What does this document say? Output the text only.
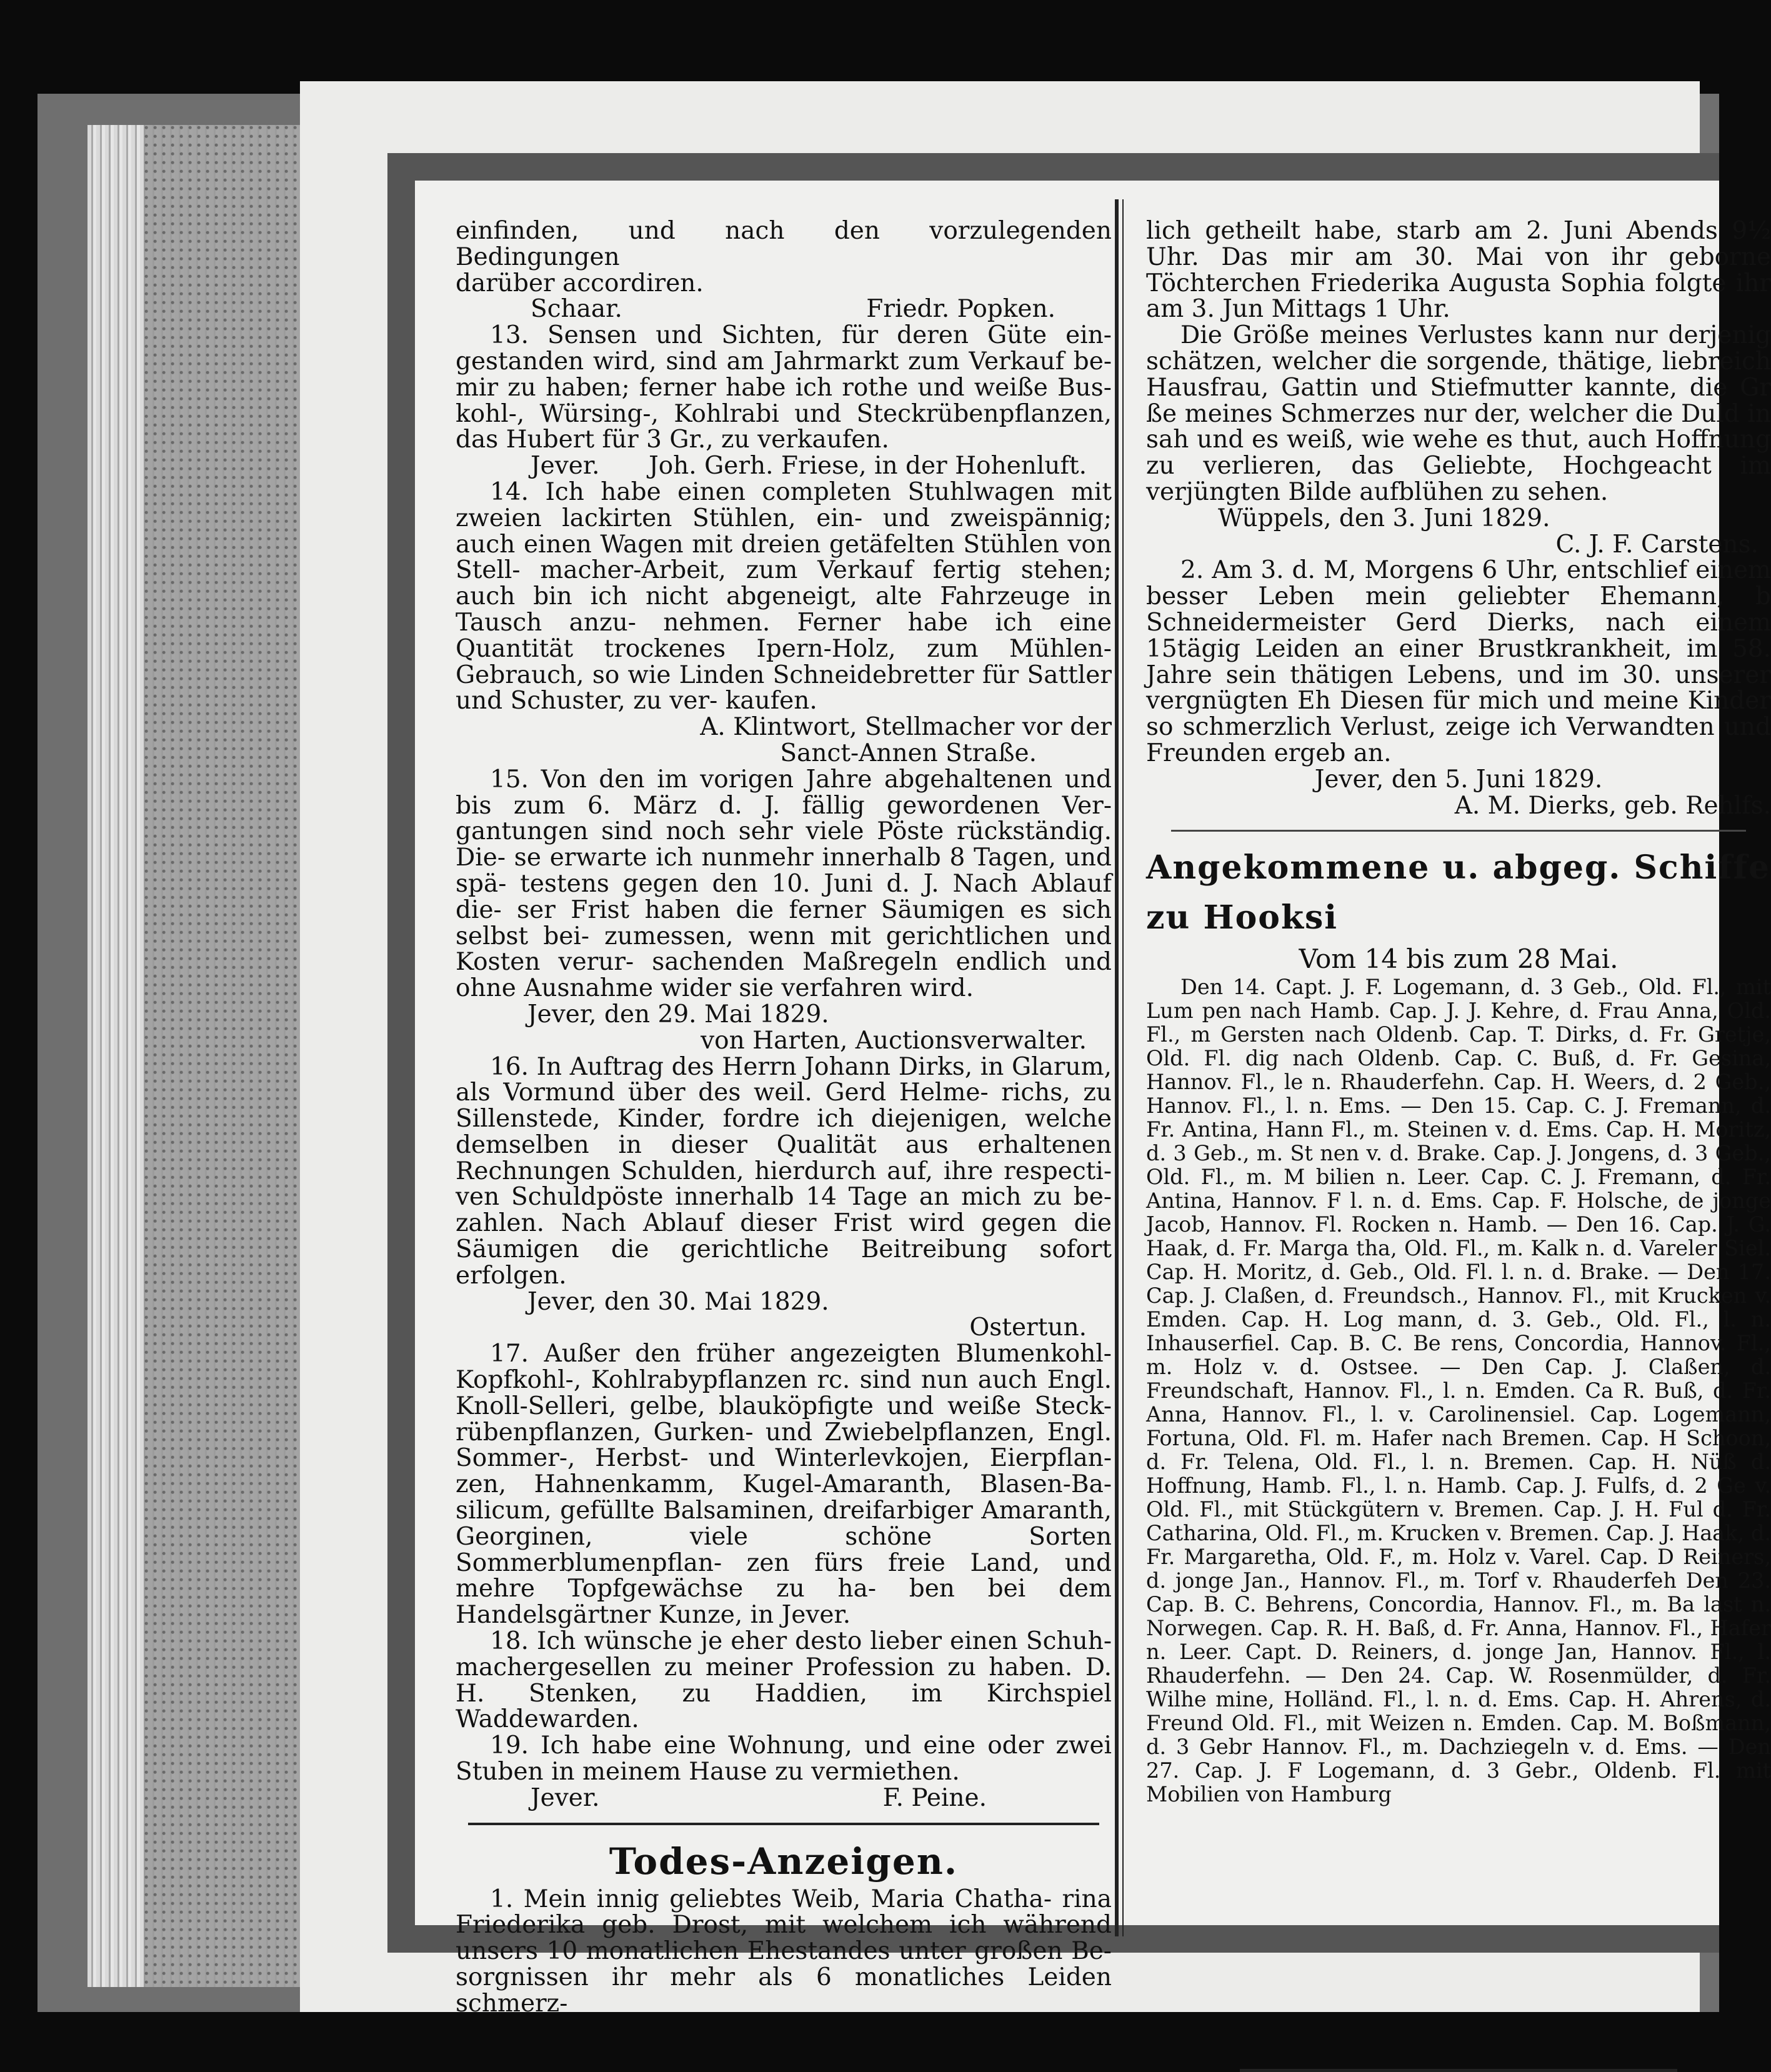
einfinden, und nach den vorzulegenden Bedingungen

darüber accordiren.

Schaar.	Friedr. Popken.

13. Sensen und Sichten, für deren Güte ein- gestanden wird, sind am Jahrmarkt zum Verkauf be- mir zu haben; ferner habe ich rothe und weiße Bus- kohl-, Würsing-, Kohlrabi und Steckrübenpflanzen, das Hubert für 3 Gr., zu verkaufen.

Jever. Joh. Gerh. Friese, in der Hohenluft.

14. Ich habe einen completen Stuhlwagen mit zweien lackirten Stühlen, ein- und zweispännig; auch einen Wagen mit dreien getäfelten Stühlen von Stell- macher-Arbeit, zum Verkauf fertig stehen; auch bin ich nicht abgeneigt, alte Fahrzeuge in Tausch anzu- nehmen. Ferner habe ich eine Quantität trockenes Ipern-Holz, zum Mühlen-Gebrauch, so wie Linden Schneidebretter für Sattler und Schuster, zu ver- kaufen.

A. Klintwort, Stellmacher vor der

Sanct-Annen Straße.

15. Von den im vorigen Jahre abgehaltenen und bis zum 6. März d. J. fällig gewordenen Ver- gantungen sind noch sehr viele Pöste rückständig. Die- se erwarte ich nunmehr innerhalb 8 Tagen, und spä- testens gegen den 10. Juni d. J. Nach Ablauf die- ser Frist haben die ferner Säumigen es sich selbst bei- zumessen, wenn mit gerichtlichen und Kosten verur- sachenden Maßregeln endlich und ohne Ausnahme wider sie verfahren wird.

Jever, den 29. Mai 1829.

von Harten, Auctionsverwalter.

16. In Auftrag des Herrn Johann Dirks, in Glarum, als Vormund über des weil. Gerd Helme- richs, zu Sillenstede, Kinder, fordre ich diejenigen, welche demselben in dieser Qualität aus erhaltenen Rechnungen Schulden, hierdurch auf, ihre respecti- ven Schuldpöste innerhalb 14 Tage an mich zu be- zahlen. Nach Ablauf dieser Frist wird gegen die Säumigen die gerichtliche Beitreibung sofort erfolgen.

Jever, den 30. Mai 1829.

Ostertun.

17. Außer den früher angezeigten Blumenkohl- Kopfkohl-, Kohlrabypflanzen rc. sind nun auch Engl. Knoll-Selleri, gelbe, blauköpfigte und weiße Steck- rübenpflanzen, Gurken- und Zwiebelpflanzen, Engl. Sommer-, Herbst- und Winterlevkojen, Eierpflan- zen, Hahnenkamm, Kugel-Amaranth, Blasen-Ba- silicum, gefüllte Balsaminen, dreifarbiger Amaranth, Georginen, viele schöne Sorten Sommerblumenpflan- zen fürs freie Land, und mehre Topfgewächse zu ha- ben bei dem Handelsgärtner Kunze, in Jever.

18. Ich wünsche je eher desto lieber einen Schuh- machergesellen zu meiner Profession zu haben. D. H. Stenken, zu Haddien, im Kirchspiel Waddewarden.

19. Ich habe eine Wohnung, und eine oder zwei Stuben in meinem Hause zu vermiethen.

Jever.	F. Peine.

Todes-Anzeigen.

1. Mein innig geliebtes Weib, Maria Chatha- rina Friederika geb. Drost, mit welchem ich während unsers 10 monatlichen Ehestandes unter großen Be- sorgnissen ihr mehr als 6 monatliches Leiden schmerz-

lich getheilt habe, starb am 2. Juni Abends 9½ Uhr. Das mir am 30. Mai von ihr geborne Töchterchen Friederika Augusta Sophia folgte ihr am 3. Jun Mittags 1 Uhr.

Die Größe meines Verlustes kann nur derjenig schätzen, welcher die sorgende, thätige, liebreich Hausfrau, Gattin und Stiefmutter kannte, die Gr ße meines Schmerzes nur der, welcher die Duld in sah und es weiß, wie wehe es thut, auch Hoffnung zu verlieren, das Geliebte, Hochgeacht im verjüngten Bilde aufblühen zu sehen.

Wüppels, den 3. Juni 1829.

C. J. F. Carstens.

2. Am 3. d. M, Morgens 6 Uhr, entschlief einem besser Leben mein geliebter Ehemann, b Schneidermeister Gerd Dierks, nach einem 15tägig Leiden an einer Brustkrankheit, im 58. Jahre sein thätigen Lebens, und im 30. unserer vergnügten Eh Diesen für mich und meine Kinder so schmerzlich Verlust, zeige ich Verwandten und Freunden ergeb an.

Jever, den 5. Juni 1829.

A. M. Dierks, geb. Rehlfs.

Angekommene u. abgeg. Schiffe zu Hooksi

Vom 14 bis zum 28 Mai.

Den 14. Capt. J. F. Logemann, d. 3 Geb., Old. Fl., mit Lum pen nach Hamb. Cap. J. J. Kehre, d. Frau Anna, Old. Fl., m Gersten nach Oldenb. Cap. T. Dirks, d. Fr. Gretje, Old. Fl. dig nach Oldenb. Cap. C. Buß, d. Fr. Gesina, Hannov. Fl., le n. Rhauderfehn. Cap. H. Weers, d. 2 Geb., Hannov. Fl., l. n. Ems. — Den 15. Cap. C. J. Fremann, d. Fr. Antina, Hann Fl., m. Steinen v. d. Ems. Cap. H. Moritz, d. 3 Geb., m. St nen v. d. Brake. Cap. J. Jongens, d. 3 Geb., Old. Fl., m. M bilien n. Leer. Cap. C. J. Fremann, d. Fr. Antina, Hannov. F l. n. d. Ems. Cap. F. Holsche, de jonge Jacob, Hannov. Fl. Rocken n. Hamb. — Den 16. Cap. J. G. Haak, d. Fr. Marga tha, Old. Fl., m. Kalk n. d. Vareler Siel. Cap. H. Moritz, d. Geb., Old. Fl. l. n. d. Brake. — Den 17. Cap. J. Claßen, d. Freundsch., Hannov. Fl., mit Krucken v. Emden. Cap. H. Log mann, d. 3. Geb., Old. Fl., l. n. Inhauserfiel. Cap. B. C. Be rens, Concordia, Hannov. Fl., m. Holz v. d. Ostsee. — Den Cap. J. Claßen, d. Freundschaft, Hannov. Fl., l. n. Emden. Ca R. Buß, d. Fr. Anna, Hannov. Fl., l. v. Carolinensiel. Cap. Logemann, Fortuna, Old. Fl. m. Hafer nach Bremen. Cap. H Schoon, d. Fr. Telena, Old. Fl., l. n. Bremen. Cap. H. Nüß d. Hoffnung, Hamb. Fl., l. n. Hamb. Cap. J. Fulfs, d. 2 Ge v. Old. Fl., mit Stückgütern v. Bremen. Cap. J. H. Ful d. Fr. Catharina, Old. Fl., m. Krucken v. Bremen. Cap. J. Haak, d. Fr. Margaretha, Old. F., m. Holz v. Varel. Cap. D Reiners, d. jonge Jan., Hannov. Fl., m. Torf v. Rhauderfeh Den 23. Cap. B. C. Behrens, Concordia, Hannov. Fl., m. Ba last n. Norwegen. Cap. R. H. Baß, d. Fr. Anna, Hannov. Fl., Hafer n. Leer. Capt. D. Reiners, d. jonge Jan, Hannov. Fl., l. Rhauderfehn. — Den 24. Cap. W. Rosenmülder, d. Fr. Wilhe mine, Holländ. Fl., l. n. d. Ems. Cap. H. Ahrens, d. Freund Old. Fl., mit Weizen n. Emden. Cap. M. Boßmann, d. 3 Gebr Hannov. Fl., m. Dachziegeln v. d. Ems. — Den 27. Cap. J. F Logemann, d. 3 Gebr., Oldenb. Fl. mit Mobilien von Hamburg
